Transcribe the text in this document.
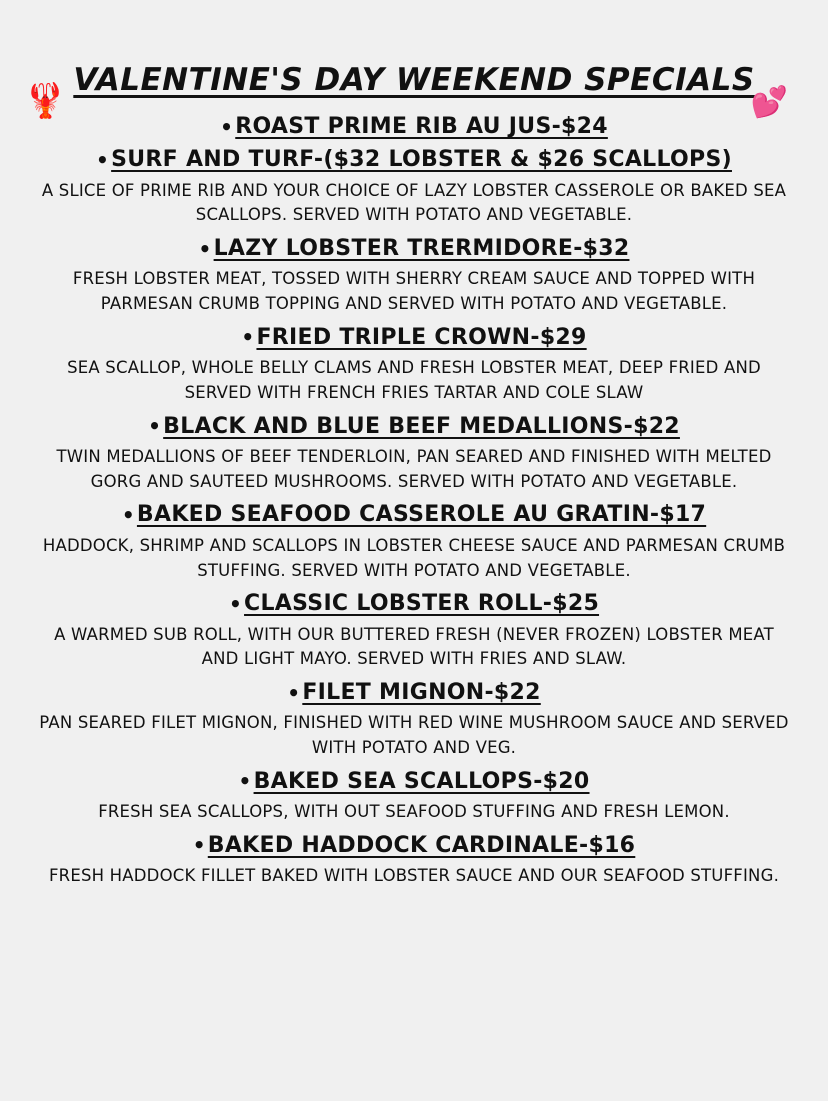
🦞	💕
VALENTINE'S DAY WEEKEND SPECIALS
•ROAST PRIME RIB AU JUS-$24
•SURF AND TURF-($32 LOBSTER & $26 SCALLOPS)
A SLICE OF PRIME RIB AND YOUR CHOICE OF LAZY LOBSTER CASSEROLE OR BAKED SEA SCALLOPS. SERVED WITH POTATO AND VEGETABLE.
•LAZY LOBSTER TRERMIDORE-$32
FRESH LOBSTER MEAT, TOSSED WITH SHERRY CREAM SAUCE AND TOPPED WITH PARMESAN CRUMB TOPPING AND SERVED WITH POTATO AND VEGETABLE.
•FRIED TRIPLE CROWN-$29
SEA SCALLOP, WHOLE BELLY CLAMS AND FRESH LOBSTER MEAT, DEEP FRIED AND SERVED WITH FRENCH FRIES TARTAR AND COLE SLAW
•BLACK AND BLUE BEEF MEDALLIONS-$22
TWIN MEDALLIONS OF BEEF TENDERLOIN, PAN SEARED AND FINISHED WITH MELTED GORG AND SAUTEED MUSHROOMS. SERVED WITH POTATO AND VEGETABLE.
•BAKED SEAFOOD CASSEROLE AU GRATIN-$17
HADDOCK, SHRIMP AND SCALLOPS IN LOBSTER CHEESE SAUCE AND PARMESAN CRUMB STUFFING. SERVED WITH POTATO AND VEGETABLE.
•CLASSIC LOBSTER ROLL-$25
A WARMED SUB ROLL, WITH OUR BUTTERED FRESH (NEVER FROZEN) LOBSTER MEAT AND LIGHT MAYO. SERVED WITH FRIES AND SLAW.
•FILET MIGNON-$22
PAN SEARED FILET MIGNON, FINISHED WITH RED WINE MUSHROOM SAUCE AND SERVED WITH POTATO AND VEG.
•BAKED SEA SCALLOPS-$20
FRESH SEA SCALLOPS, WITH OUT SEAFOOD STUFFING AND FRESH LEMON.
•BAKED HADDOCK CARDINALE-$16
FRESH HADDOCK FILLET BAKED WITH LOBSTER SAUCE AND OUR SEAFOOD STUFFING.
